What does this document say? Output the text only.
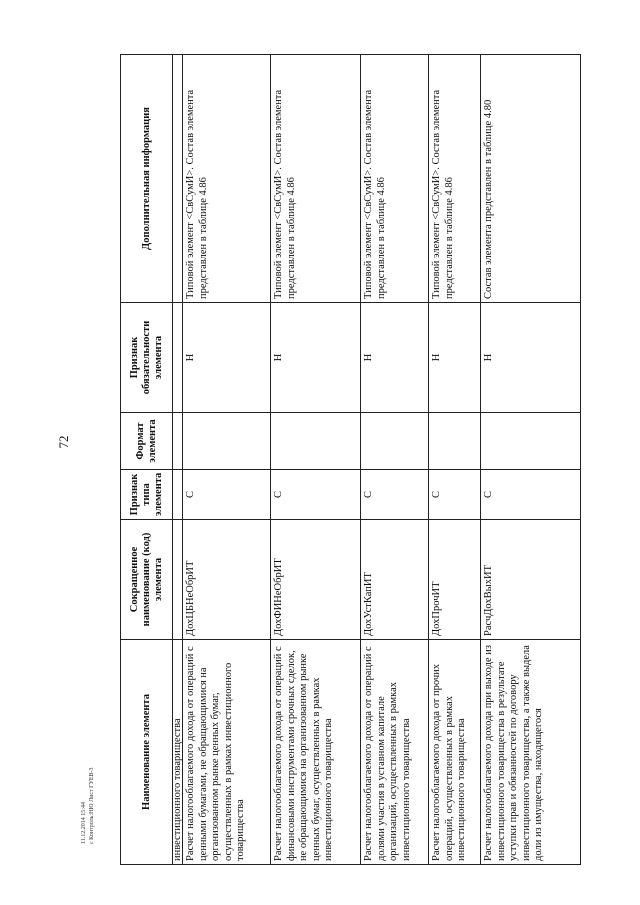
72
11.12.2014 15:44 с Контроль:НЮ Лист ГУЕВ-3	Наименование элемента	Сокращенное наименование (код) элемента	Признак типа элемента	Формат элемента	Признак обязательности элемента	Дополнительная информация
инвестиционного товарищества					
Расчет налогооблагаемого дохода от операций с ценными бумагами, не обращающимися на организованном рынке ценных бумаг, осуществленных в рамках инвестиционного товарищества	ДохЦБНеОбрИТ	С		Н	Типовой элемент <СвСумИ>. Состав элемента представлен в таблице 4.86
Расчет налогооблагаемого дохода от операций с финансовыми инструментами срочных сделок, не обращающимися на организованном рынке ценных бумаг, осуществленных в рамках инвестиционного товарищества	ДохФИНеОбрИТ	С		Н	Типовой элемент <СвСумИ>. Состав элемента представлен в таблице 4.86
Расчет налогооблагаемого дохода от операций с долями участия в уставном капитале организаций, осуществленных в рамках инвестиционного товарищества	ДохУстКапИТ	С		Н	Типовой элемент <СвСумИ>. Состав элемента представлен в таблице 4.86
Расчет налогооблагаемого дохода от прочих операций, осуществленных в рамках инвестиционного товарищества	ДохПрочИТ	С		Н	Типовой элемент <СвСумИ>. Состав элемента представлен в таблице 4.86
Расчет налогооблагаемого дохода при выходе из инвестиционного товарищества в результате уступки прав и обязанностей по договору инвестиционного товарищества, а также выдела доли из имущества, находящегося	РасчДохВыхИТ	С		Н	Состав элемента представлен в таблице 4.80
